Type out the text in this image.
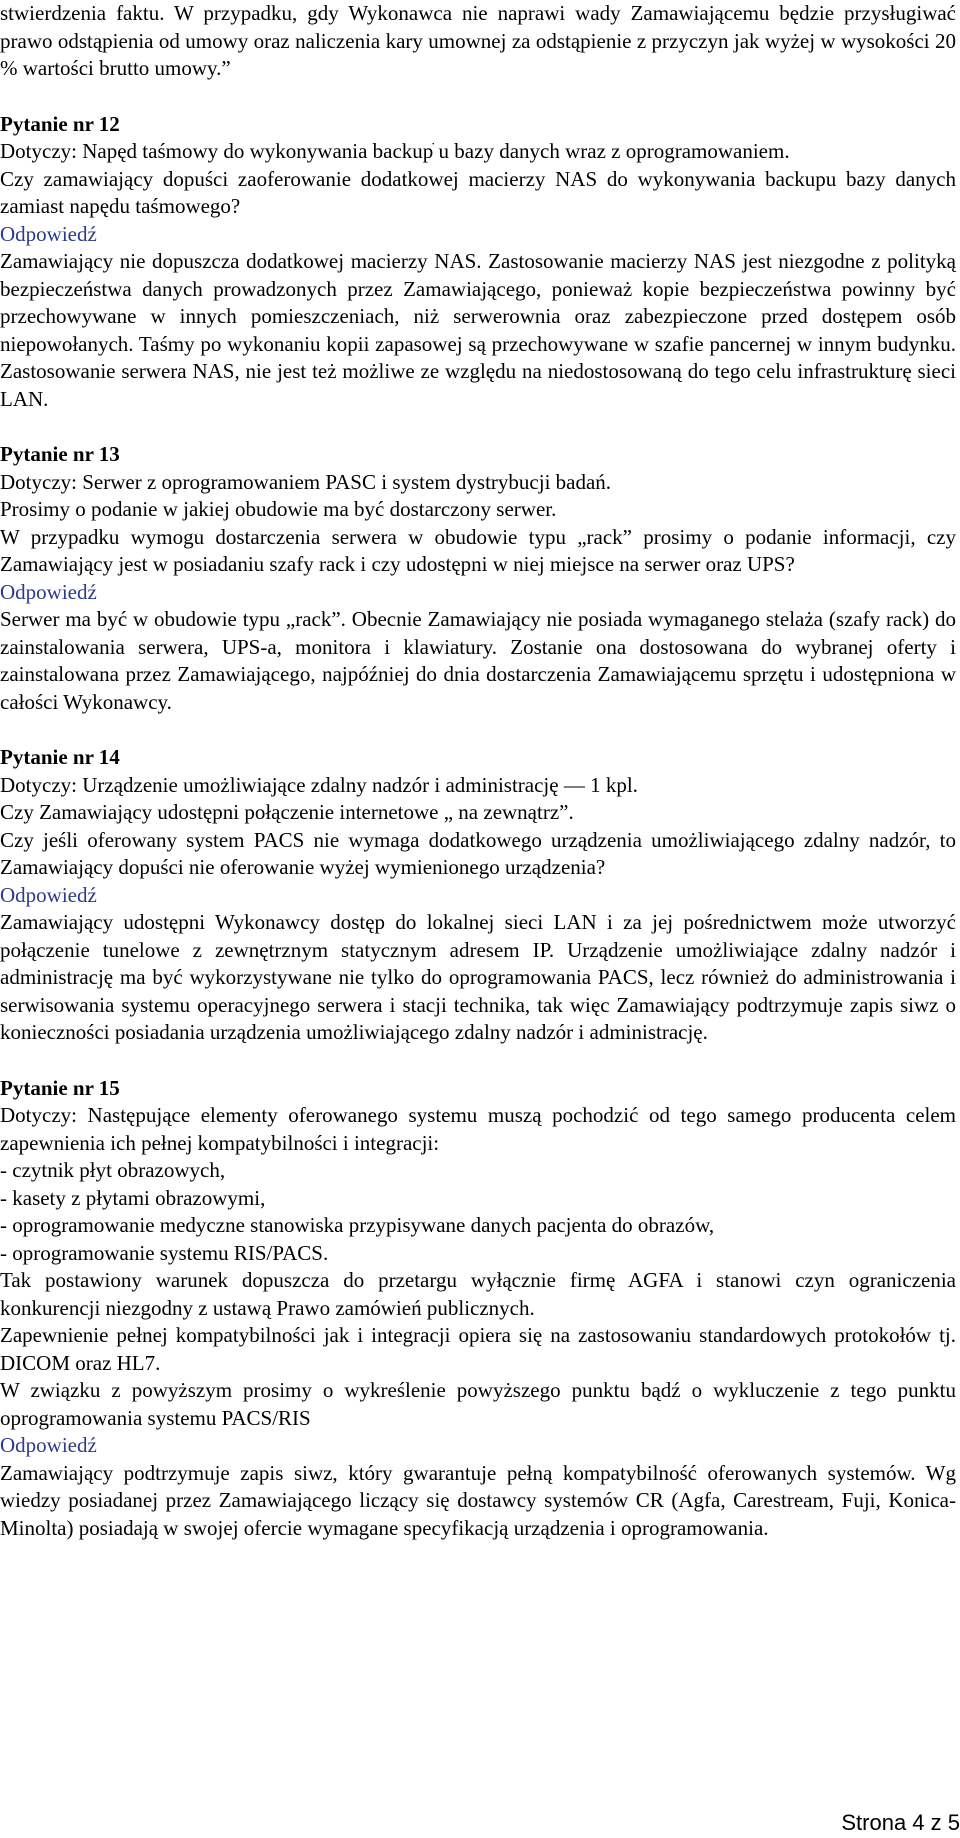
stwierdzenia faktu. W przypadku, gdy Wykonawca nie naprawi wady Zamawiającemu będzie przysługiwać prawo odstąpienia od umowy oraz naliczenia kary umownej za odstąpienie z przyczyn jak wyżej w wysokości 20 % wartości brutto umowy.”

Pytanie nr 12

Dotyczy: Napęd taśmowy do wykonywania backupׁ u bazy danych wraz z oprogramowaniem.

Czy zamawiający dopuści zaoferowanie dodatkowej macierzy NAS do wykonywania backupu bazy danych zamiast napędu taśmowego?

Odpowiedź

Zamawiający nie dopuszcza dodatkowej macierzy NAS. Zastosowanie macierzy NAS jest niezgodne z polityką bezpieczeństwa danych prowadzonych przez Zamawiającego, ponieważ kopie bezpieczeństwa powinny być przechowywane w innych pomieszczeniach, niż serwerownia oraz zabezpieczone przed dostępem osób niepowołanych. Taśmy po wykonaniu kopii zapasowej są przechowywane w szafie pancernej w innym budynku. Zastosowanie serwera NAS, nie jest też możliwe ze względu na niedostosowaną do tego celu infrastrukturę sieci LAN.

Pytanie nr 13

Dotyczy: Serwer z oprogramowaniem PASC i system dystrybucji badań.

Prosimy o podanie w jakiej obudowie ma być dostarczony serwer.

W przypadku wymogu dostarczenia serwera w obudowie typu „rack” prosimy o podanie informacji, czy Zamawiający jest w posiadaniu szafy rack i czy udostępni w niej miejsce na serwer oraz UPS?

Odpowiedź

Serwer ma być w obudowie typu „rack”. Obecnie Zamawiający nie posiada wymaganego stelaża (szafy rack) do zainstalowania serwera, UPS-a, monitora i klawiatury. Zostanie ona dostosowana do wybranej oferty i zainstalowana przez Zamawiającego, najpóźniej do dnia dostarczenia Zamawiającemu sprzętu i udostępniona w całości Wykonawcy.

Pytanie nr 14

Dotyczy: Urządzenie umożliwiające zdalny nadzór i administrację — 1 kpl.

Czy Zamawiający udostępni połączenie internetowe „ na zewnątrz”.

Czy jeśli oferowany system PACS nie wymaga dodatkowego urządzenia umożliwiającego zdalny nadzór, to Zamawiający dopuści nie oferowanie wyżej wymienionego urządzenia?

Odpowiedź

Zamawiający udostępni Wykonawcy dostęp do lokalnej sieci LAN i za jej pośrednictwem może utworzyć połączenie tunelowe z zewnętrznym statycznym adresem IP. Urządzenie umożliwiające zdalny nadzór i administrację ma być wykorzystywane nie tylko do oprogramowania PACS, lecz również do administrowania i serwisowania systemu operacyjnego serwera i stacji technika, tak więc Zamawiający podtrzymuje zapis siwz o konieczności posiadania urządzenia umożliwiającego zdalny nadzór i administrację.

Pytanie nr 15

Dotyczy: Następujące elementy oferowanego systemu muszą pochodzić od tego samego producenta celem zapewnienia ich pełnej kompatybilności i integracji:

- czytnik płyt obrazowych,
- kasety z płytami obrazowymi,
- oprogramowanie medyczne stanowiska przypisywane danych pacjenta do obrazów,
- oprogramowanie systemu RIS/PACS.

Tak postawiony warunek dopuszcza do przetargu wyłącznie firmę AGFA i stanowi czyn ograniczenia konkurencji niezgodny z ustawą Prawo zamówień publicznych.

Zapewnienie pełnej kompatybilności jak i integracji opiera się na zastosowaniu standardowych protokołów tj. DICOM oraz HL7.

W związku z powyższym prosimy o wykreślenie powyższego punktu bądź o wykluczenie z tego punktu oprogramowania systemu PACS/RIS

Odpowiedź

Zamawiający podtrzymuje zapis siwz, który gwarantuje pełną kompatybilność oferowanych systemów. Wg wiedzy posiadanej przez Zamawiającego liczący się dostawcy systemów CR (Agfa, Carestream, Fuji, Konica-Minolta) posiadają w swojej ofercie wymagane specyfikacją urządzenia i oprogramowania.

Strona 4 z 5
